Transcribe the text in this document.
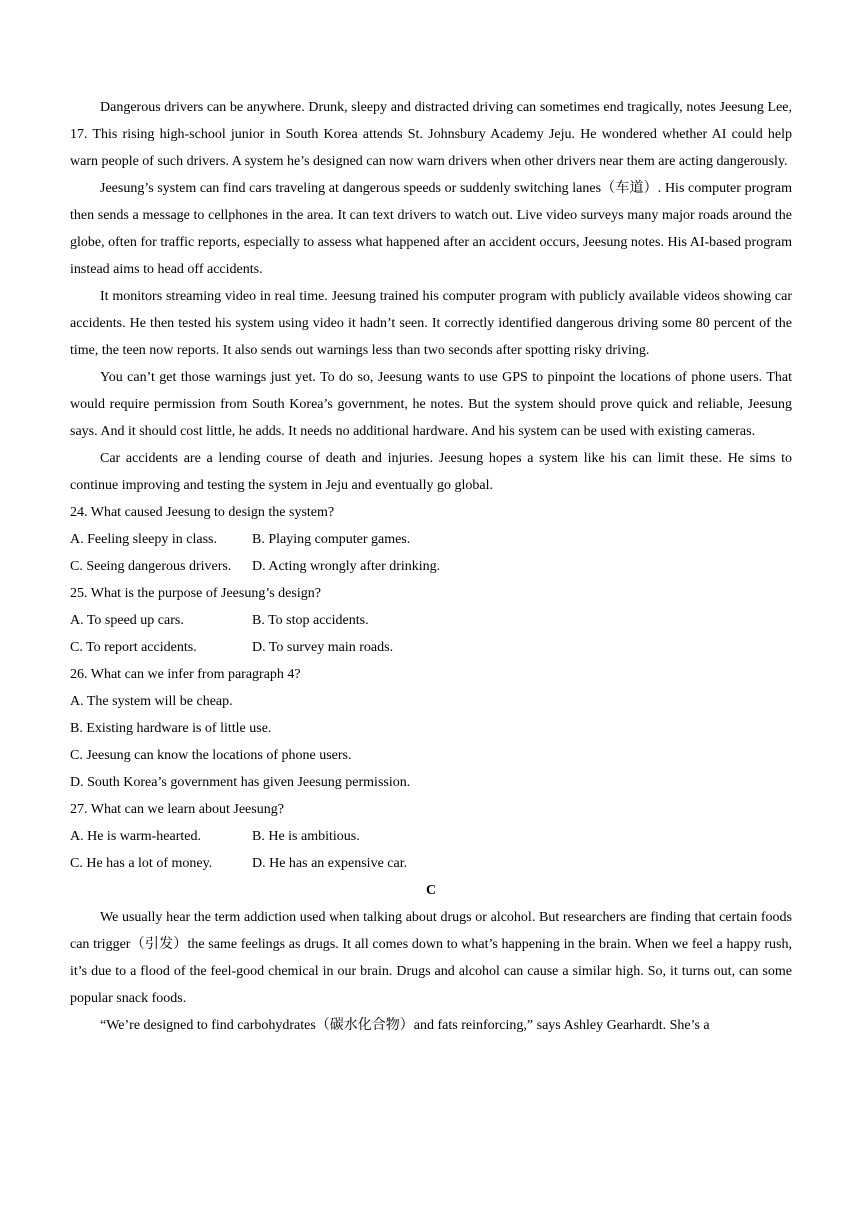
Dangerous drivers can be anywhere. Drunk, sleepy and distracted driving can sometimes end tragically, notes Jeesung Lee, 17. This rising high-school junior in South Korea attends St. Johnsbury Academy Jeju. He wondered whether AI could help warn people of such drivers. A system he’s designed can now warn drivers when other drivers near them are acting dangerously.

Jeesung’s system can find cars traveling at dangerous speeds or suddenly switching lanes（车道）. His computer program then sends a message to cellphones in the area. It can text drivers to watch out. Live video surveys many major roads around the globe, often for traffic reports, especially to assess what happened after an accident occurs, Jeesung notes. His AI-based program instead aims to head off accidents.

It monitors streaming video in real time. Jeesung trained his computer program with publicly available videos showing car accidents. He then tested his system using video it hadn’t seen. It correctly identified dangerous driving some 80 percent of the time, the teen now reports. It also sends out warnings less than two seconds after spotting risky driving.

You can’t get those warnings just yet. To do so, Jeesung wants to use GPS to pinpoint the locations of phone users. That would require permission from South Korea’s government, he notes. But the system should prove quick and reliable, Jeesung says. And it should cost little, he adds. It needs no additional hardware. And his system can be used with existing cameras.

Car accidents are a lending course of death and injuries. Jeesung hopes a system like his can limit these. He sims to continue improving and testing the system in Jeju and eventually go global.

24. What caused Jeesung to design the system?

A. Feeling sleepy in class.	B. Playing computer games.
C. Seeing dangerous drivers.	D. Acting wrongly after drinking.

25. What is the purpose of Jeesung’s design?

A. To speed up cars.	B. To stop accidents.
C. To report accidents.	D. To survey main roads.

26. What can we infer from paragraph 4?

A. The system will be cheap.

B. Existing hardware is of little use.

C. Jeesung can know the locations of phone users.

D. South Korea’s government has given Jeesung permission.

27. What can we learn about Jeesung?

A. He is warm-hearted.	B. He is ambitious.
C. He has a lot of money.	D. He has an expensive car.

C

We usually hear the term addiction used when talking about drugs or alcohol. But researchers are finding that certain foods can trigger（引发）the same feelings as drugs. It all comes down to what’s happening in the brain. When we feel a happy rush, it’s due to a flood of the feel-good chemical in our brain. Drugs and alcohol can cause a similar high. So, it turns out, can some popular snack foods.

“We’re designed to find carbohydrates（碳水化合物）and fats reinforcing,” says Ashley Gearhardt. She’s a
